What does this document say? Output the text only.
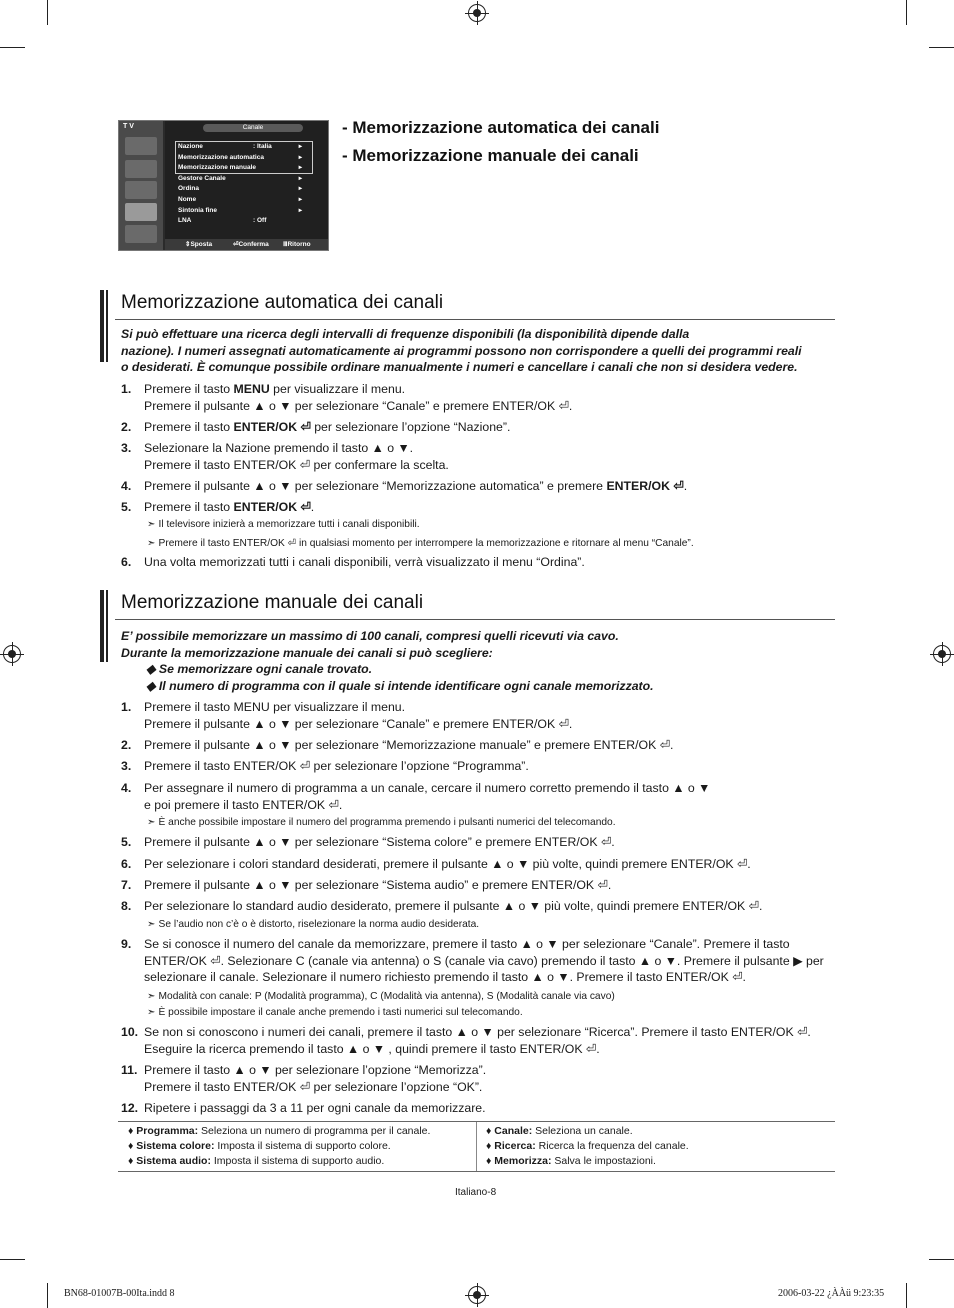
T V	Canale
Nazione	: Italia	▸
Memorizzazione automatica	▸
Memorizzazione manuale	▸
Gestore Canale	▸
Ordina	▸
Nome	▸
Sintonia fine	▸
LNA	: Off
⇕ Sposta	⏎ Conferma Ⅲ Ritorno
- Memorizzazione automatica dei canali
- Memorizzazione manuale dei canali
Memorizzazione automatica dei canali
Si può effettuare una ricerca degli intervalli di frequenze disponibili (la disponibilità dipende dalla
nazione). I numeri assegnati automaticamente ai programmi possono non corrispondere a quelli dei programmi reali
o desiderati. È comunque possibile ordinare manualmente i numeri e cancellare i canali che non si desidera vedere.
1. Premere il tasto MENU per visualizzare il menu.
Premere il pulsante ▲ o ▼ per selezionare “Canale” e premere ENTER/OK ⏎.
2. Premere il tasto ENTER/OK ⏎ per selezionare l’opzione “Nazione”.
3. Selezionare la Nazione premendo il tasto ▲ o ▼.
Premere il tasto ENTER/OK ⏎ per confermare la scelta.
4. Premere il pulsante ▲ o ▼ per selezionare “Memorizzazione automatica” e premere ENTER/OK ⏎.
5. Premere il tasto ENTER/OK ⏎.
➣ Il televisore inizierà a memorizzare tutti i canali disponibili.
➣ Premere il tasto ENTER/OK ⏎ in qualsiasi momento per interrompere la memorizzazione e ritornare al menu “Canale”.
6. Una volta memorizzati tutti i canali disponibili, verrà visualizzato il menu “Ordina”.
Memorizzazione manuale dei canali
E’ possibile memorizzare un massimo di 100 canali, compresi quelli ricevuti via cavo.
Durante la memorizzazione manuale dei canali si può scegliere:
◆ Se memorizzare ogni canale trovato.
◆ Il numero di programma con il quale si intende identificare ogni canale memorizzato.
1. Premere il tasto MENU per visualizzare il menu.
Premere il pulsante ▲ o ▼ per selezionare “Canale” e premere ENTER/OK ⏎.
2. Premere il pulsante ▲ o ▼ per selezionare “Memorizzazione manuale” e premere ENTER/OK ⏎.
3. Premere il tasto ENTER/OK ⏎ per selezionare l’opzione “Programma”.
4. Per assegnare il numero di programma a un canale, cercare il numero corretto premendo il tasto ▲ o ▼
e poi premere il tasto ENTER/OK ⏎.
➣ È anche possibile impostare il numero del programma premendo i pulsanti numerici del telecomando.
5. Premere il pulsante ▲ o ▼ per selezionare “Sistema colore” e premere ENTER/OK ⏎.
6. Per selezionare i colori standard desiderati, premere il pulsante ▲ o ▼ più volte, quindi premere ENTER/OK ⏎.
7. Premere il pulsante ▲ o ▼ per selezionare “Sistema audio” e premere ENTER/OK ⏎.
8. Per selezionare lo standard audio desiderato, premere il pulsante ▲ o ▼ più volte, quindi premere ENTER/OK ⏎.
➣ Se l’audio non c’è o è distorto, riselezionare la norma audio desiderata.
9. Se si conosce il numero del canale da memorizzare, premere il tasto ▲ o ▼ per selezionare “Canale”. Premere il tasto
ENTER/OK ⏎. Selezionare C (canale via antenna) o S (canale via cavo) premendo il tasto ▲ o ▼. Premere il pulsante ▶ per
selezionare il canale. Selezionare il numero richiesto premendo il tasto ▲ o ▼. Premere il tasto ENTER/OK ⏎.
➣ Modalità con canale: P (Modalità programma), C (Modalità via antenna), S (Modalità canale via cavo)
➣ È possibile impostare il canale anche premendo i tasti numerici sul telecomando.
10. Se non si conoscono i numeri dei canali, premere il tasto ▲ o ▼ per selezionare “Ricerca”. Premere il tasto ENTER/OK ⏎.
Eseguire la ricerca premendo il tasto ▲ o ▼ , quindi premere il tasto ENTER/OK ⏎.
11. Premere il tasto ▲ o ▼ per selezionare l’opzione “Memorizza”.
Premere il tasto ENTER/OK ⏎ per selezionare l’opzione “OK”.
12. Ripetere i passaggi da 3 a 11 per ogni canale da memorizzare.
♦ Programma: Seleziona un numero di programma per il canale.
♦ Sistema colore: Imposta il sistema di supporto colore.
♦ Sistema audio: Imposta il sistema di supporto audio.
♦ Canale: Seleziona un canale.
♦ Ricerca: Ricerca la frequenza del canale.
♦ Memorizza: Salva le impostazioni.
Italiano-8
BN68-01007B-00Ita.indd 8	2006-03-22 ¿ÀÀü 9:23:35
